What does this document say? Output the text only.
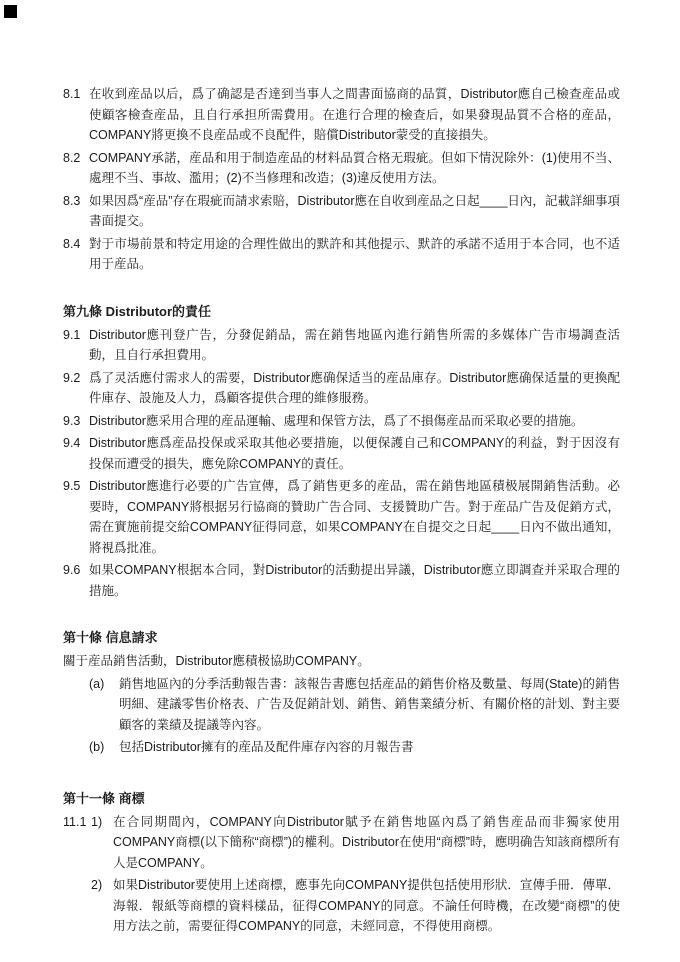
8.1 在收到産品以后，爲了确認是否達到当事人之間書面協商的品質，Distributor應自己檢查産品或使顧客檢查産品，且自行承担所需費用。在進行合理的檢查后，如果發現品質不合格的産品，COMPANY將更換不良産品或不良配件，賠償Distributor蒙受的直接損失。
8.2 COMPANY承諾，産品和用于制造産品的材料品質合格无瑕疵。但如下情況除外：(1)使用不当、處理不当、事故、濫用；(2)不当修理和改造；(3)違反使用方法。
8.3 如果因爲“産品”存在瑕疵而請求索賠，Distributor應在自收到産品之日起____日內，記載詳細事項書面提交。
8.4 對于市場前景和特定用途的合理性做出的默許和其他提示、默許的承諾不适用于本合同，也不适用于産品。
第九條 Distributor的責任
9.1 Distributor應刊登广告，分發促銷品，需在銷售地區內進行銷售所需的多媒体广告市場調查活動，且自行承担費用。
9.2 爲了灵活應付需求人的需要，Distributor應确保适当的産品庫存。Distributor應确保适量的更換配件庫存、設施及人力，爲顧客提供合理的維修服務。
9.3 Distributor應采用合理的産品運輸、處理和保管方法，爲了不損傷産品而采取必要的措施。
9.4 Distributor應爲産品投保或采取其他必要措施，以便保護自己和COMPANY的利益，對于因沒有投保而遭受的損失，應免除COMPANY的責任。
9.5 Distributor應進行必要的广告宣傳，爲了銷售更多的産品，需在銷售地區積极展開銷售活動。必要時，COMPANY將根据另行協商的贊助广告合同、支援贊助广告。對于産品广告及促銷方式，需在實施前提交給COMPANY征得同意，如果COMPANY在自提交之日起____日內不做出通知，將視爲批准。
9.6 如果COMPANY根据本合同，對Distributor的活動提出异議，Distributor應立即調查并采取合理的措施。
第十條 信息請求
關于産品銷售活動，Distributor應積极協助COMPANY。
(a)	銷售地區內的分季活動報告書：該報告書應包括産品的銷售价格及數量、每周(State)的銷售明細、建議零售价格表、广告及促銷計划、銷售、銷售業績分析、有關价格的計划、對主要顧客的業績及提議等內容。
(b)	包括Distributor擁有的産品及配件庫存內容的月報告書
第十一條 商標
11.1 1) 在合同期間內，COMPANY向Distributor賦予在銷售地區內爲了銷售産品而非獨家使用COMPANY商標(以下簡称“商標”)的權利。Distributor在使用“商標”時，應明确告知該商標所有人是COMPANY。
2) 如果Distributor要使用上述商標，應事先向COMPANY提供包括使用形狀．宣傳手冊．傳單．海報．報紙等商標的資料樣品，征得COMPANY的同意。不論任何時機，在改變“商標”的使用方法之前，需要征得COMPANY的同意，未經同意，不得使用商標。
